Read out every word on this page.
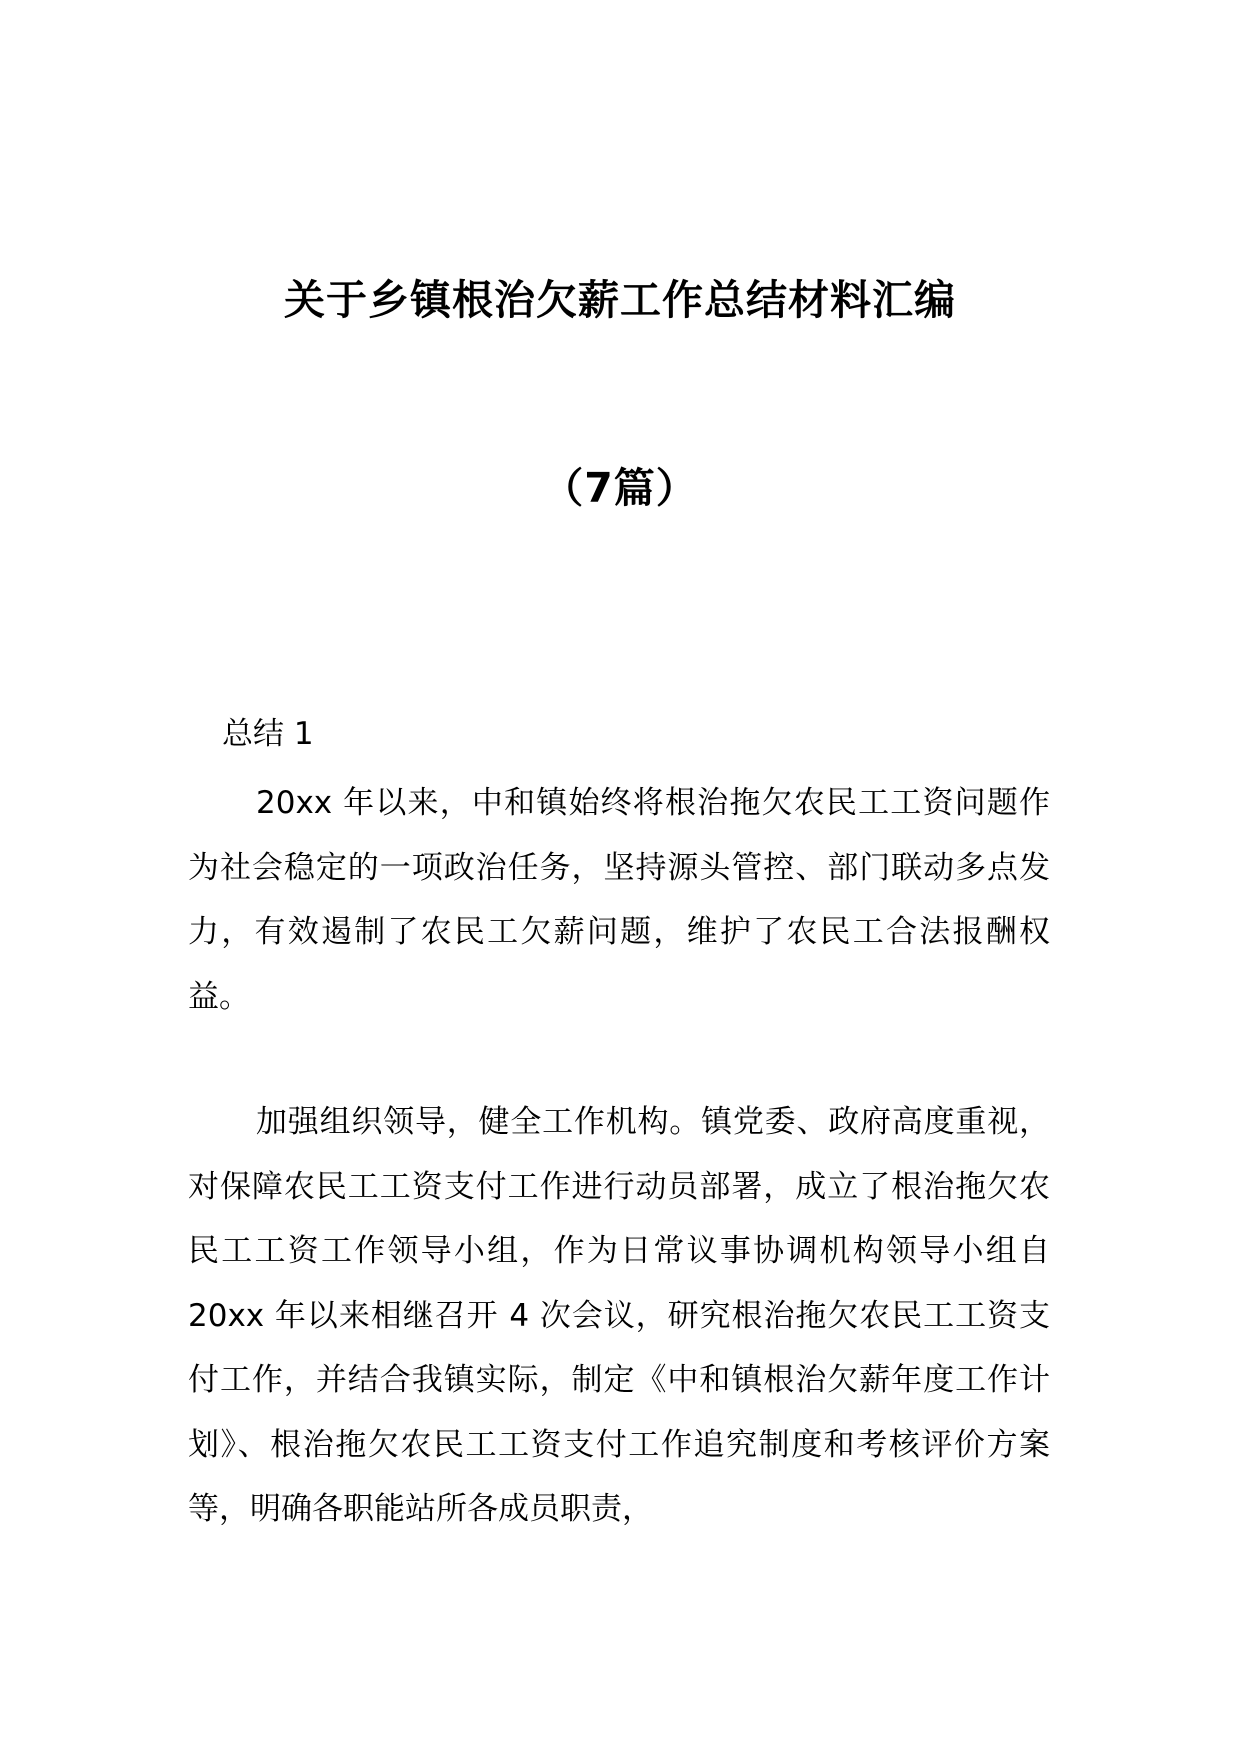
关于乡镇根治欠薪工作总结材料汇编
（7篇）
总结 1

20xx 年以来，中和镇始终将根治拖欠农民工工资问题作为社会稳定的一项政治任务，坚持源头管控、部门联动多点发力，有效遏制了农民工欠薪问题，维护了农民工合法报酬权益。

加强组织领导，健全工作机构。镇党委、政府高度重视，对保障农民工工资支付工作进行动员部署，成立了根治拖欠农民工工资工作领导小组，作为日常议事协调机构领导小组自 20xx 年以来相继召开 4 次会议，研究根治拖欠农民工工资支付工作，并结合我镇实际，制定《中和镇根治欠薪年度工作计划》、根治拖欠农民工工资支付工作追究制度和考核评价方案等，明确各职能站所各成员职责，
